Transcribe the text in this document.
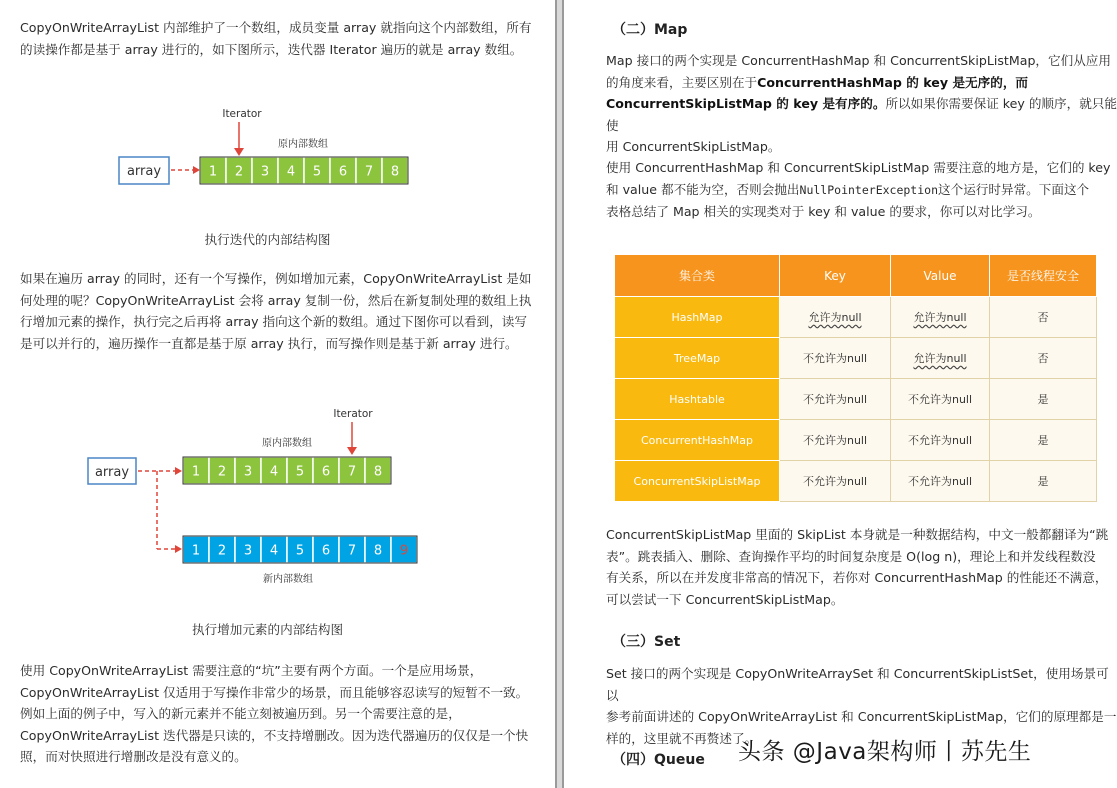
CopyOnWriteArrayList 内部维护了一个数组，成员变量 array 就指向这个内部数组，所有
的读操作都是基于 array 进行的，如下图所示，迭代器 Iterator 遍历的就是 array 数组。

Iterator
原内部数组
array	1 2 3 4 5 6 7 8

执行迭代的内部结构图

如果在遍历 array 的同时，还有一个写操作，例如增加元素，CopyOnWriteArrayList 是如
何处理的呢？CopyOnWriteArrayList 会将 array 复制一份，然后在新复制处理的数组上执
行增加元素的操作，执行完之后再将 array 指向这个新的数组。通过下图你可以看到，读写
是可以并行的，遍历操作一直都是基于原 array 执行，而写操作则是基于新 array 进行。

Iterator
原内部数组
array	1 2 3 4 5 6 7 8
1 2 3 4 5 6 7 8 9
新内部数组

执行增加元素的内部结构图

使用 CopyOnWriteArrayList 需要注意的“坑”主要有两个方面。一个是应用场景，
CopyOnWriteArrayList 仅适用于写操作非常少的场景，而且能够容忍读写的短暂不一致。
例如上面的例子中，写入的新元素并不能立刻被遍历到。另一个需要注意的是，
CopyOnWriteArrayList 迭代器是只读的，不支持增删改。因为迭代器遍历的仅仅是一个快
照，而对快照进行增删改是没有意义的。

（二）Map

Map 接口的两个实现是 ConcurrentHashMap 和 ConcurrentSkipListMap，它们从应用
的角度来看，主要区别在于ConcurrentHashMap 的 key 是无序的，而
ConcurrentSkipListMap 的 key 是有序的。所以如果你需要保证 key 的顺序，就只能使
用 ConcurrentSkipListMap。

使用 ConcurrentHashMap 和 ConcurrentSkipListMap 需要注意的地方是，它们的 key
和 value 都不能为空，否则会抛出NullPointerException这个运行时异常。下面这个
表格总结了 Map 相关的实现类对于 key 和 value 的要求，你可以对比学习。

集合类	Key	Value	是否线程安全
HashMap	允许为null	允许为null	否
TreeMap	不允许为null	允许为null	否
Hashtable	不允许为null	不允许为null	是
ConcurrentHashMap	不允许为null	不允许为null	是
ConcurrentSkipListMap	不允许为null	不允许为null	是

ConcurrentSkipListMap 里面的 SkipList 本身就是一种数据结构，中文一般都翻译为“跳
表”。跳表插入、删除、查询操作平均的时间复杂度是 O(log n)，理论上和并发线程数没
有关系，所以在并发度非常高的情况下，若你对 ConcurrentHashMap 的性能还不满意，
可以尝试一下 ConcurrentSkipListMap。

（三）Set

Set 接口的两个实现是 CopyOnWriteArraySet 和 ConcurrentSkipListSet，使用场景可以
参考前面讲述的 CopyOnWriteArrayList 和 ConcurrentSkipListMap，它们的原理都是一
样的，这里就不再赘述了。

（四）Queue 头条 @Java架构师丨苏先生
